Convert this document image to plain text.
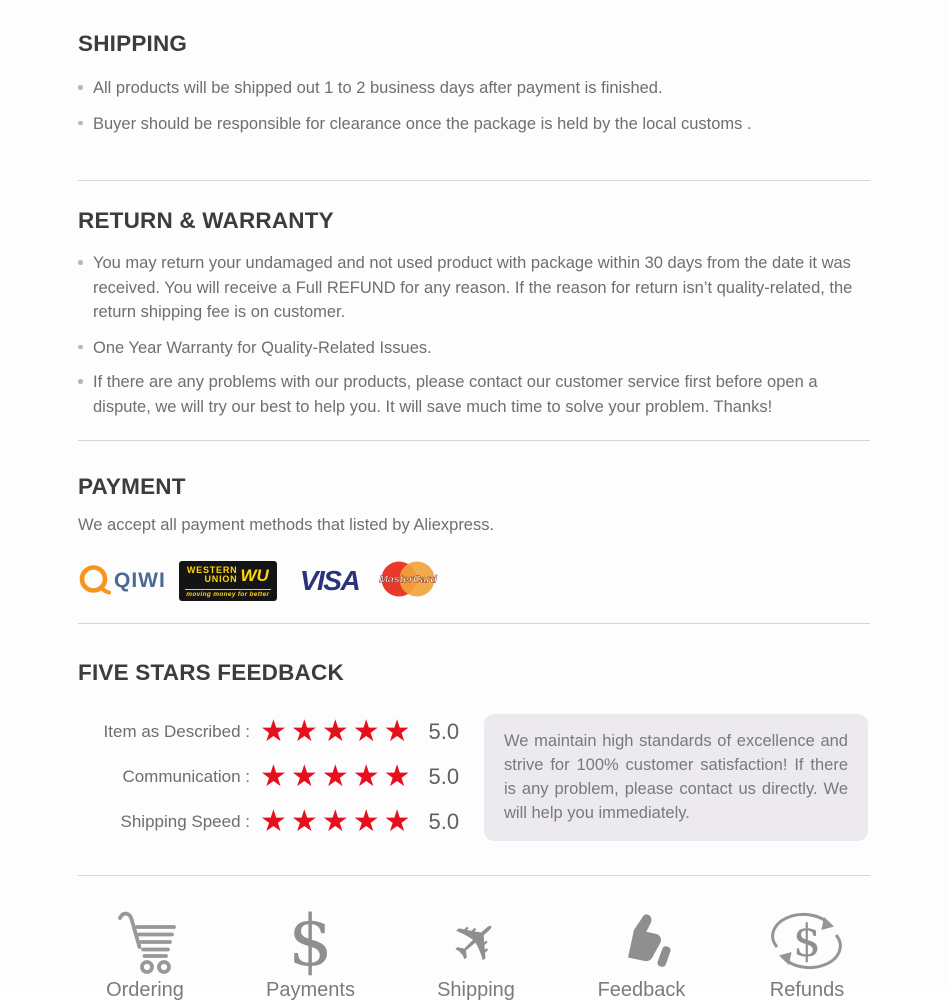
SHIPPING
All products will be shipped out 1 to 2 business days after payment is finished.
Buyer should be responsible for clearance once the package is held by the local customs .
RETURN & WARRANTY
You may return your undamaged and not used product with package within 30 days from the date it was received. You will receive a Full REFUND for any reason. If the reason for return isn’t quality-related, the return shipping fee is on customer.
One Year Warranty for Quality-Related Issues.
If there are any problems with our products, please contact our customer service first before open a dispute, we will try our best to help you. It will save much time to solve your problem. Thanks!
PAYMENT

We accept all payment methods that listed by Aliexpress.

QIWI WESTERN
UNION WU
moving money for better	VISA	MasterCard
FIVE STARS FEEDBACK
Item as Described : ★ ★ ★ ★ ★	5.0
Communication : ★ ★ ★ ★ ★	5.0
Shipping Speed : ★ ★ ★ ★ ★	5.0

We maintain high standards of excellence and strive for 100% customer satisfaction! If there is any problem, please contact us directly. We will help you immediately.

Ordering
$	Payments
✈	Shipping	Feedback
$
Refunds
